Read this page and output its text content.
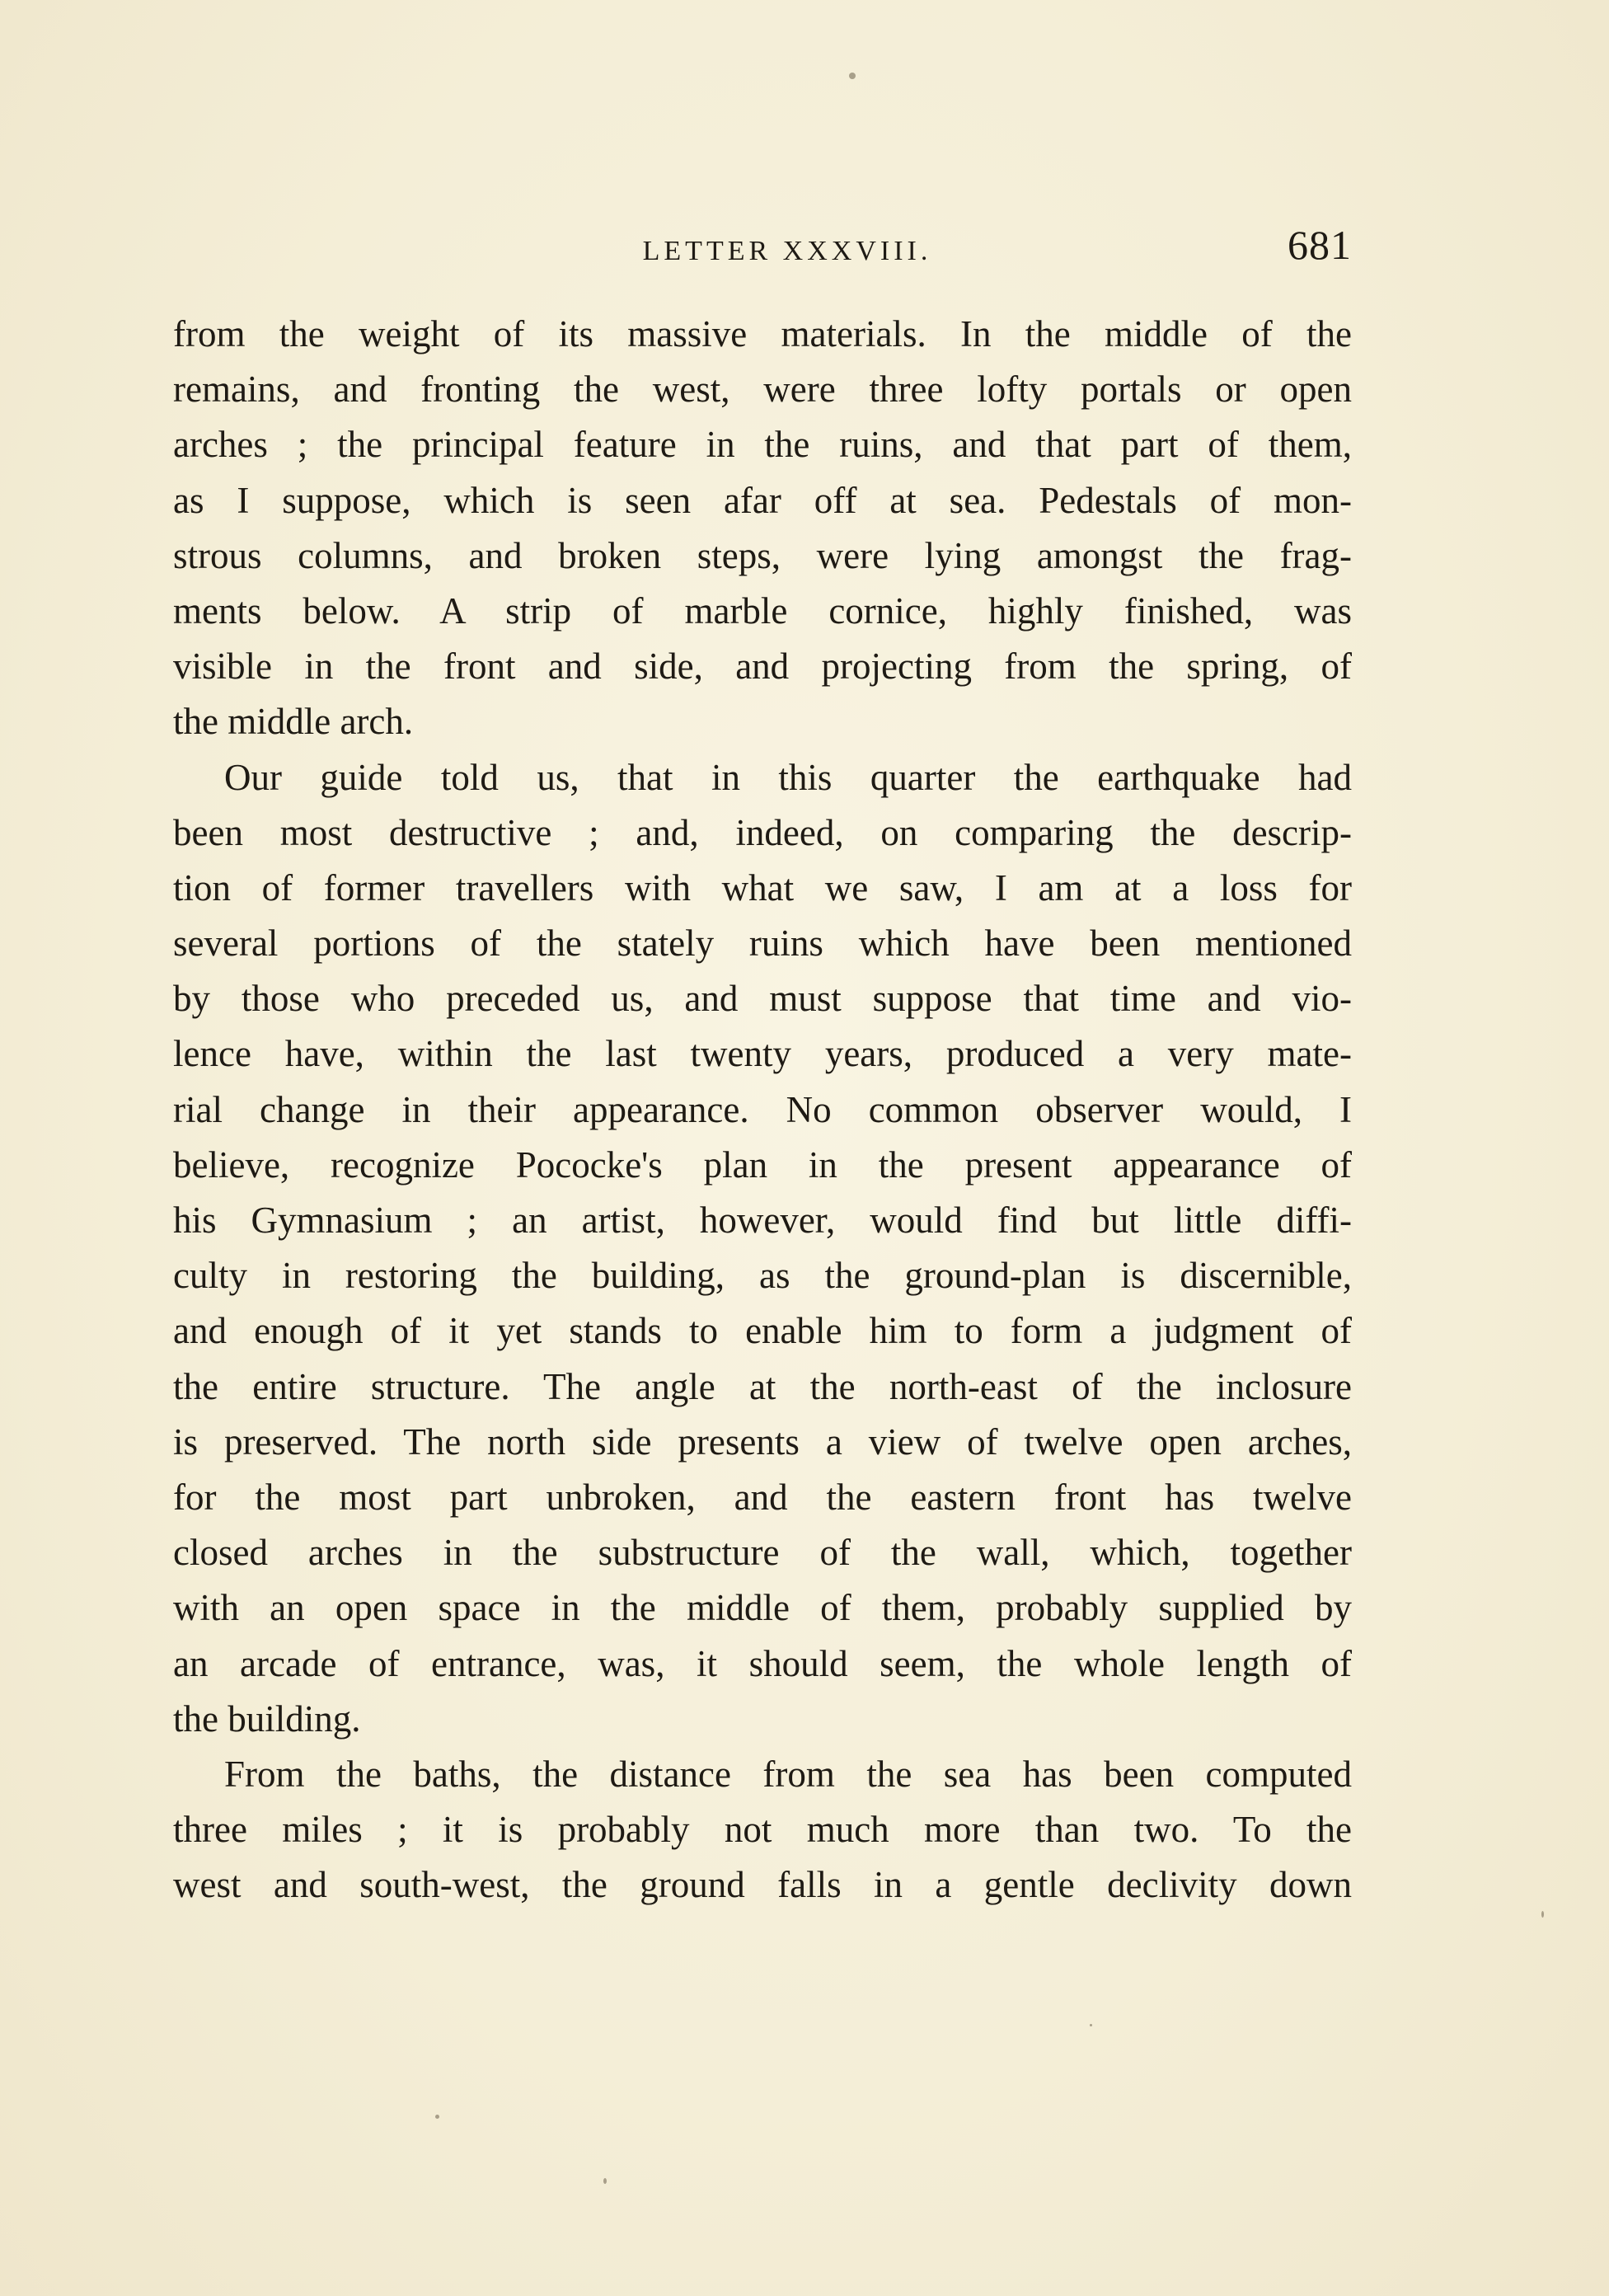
LETTER XXXVIII.	681
from the weight of its massive materials. In the middle of the
remains, and fronting the west, were three lofty portals or open
arches ; the principal feature in the ruins, and that part of them,
as I suppose, which is seen afar off at sea. Pedestals of mon-
strous columns, and broken steps, were lying amongst the frag-
ments below. A strip of marble cornice, highly finished, was
visible in the front and side, and projecting from the spring, of
the middle arch.
Our guide told us, that in this quarter the earthquake had
been most destructive ; and, indeed, on comparing the descrip-
tion of former travellers with what we saw, I am at a loss for
several portions of the stately ruins which have been mentioned
by those who preceded us, and must suppose that time and vio-
lence have, within the last twenty years, produced a very mate-
rial change in their appearance. No common observer would, I
believe, recognize Pococke's plan in the present appearance of
his Gymnasium ; an artist, however, would find but little diffi-
culty in restoring the building, as the ground-plan is discernible,
and enough of it yet stands to enable him to form a judgment of
the entire structure. The angle at the north-east of the inclosure
is preserved. The north side presents a view of twelve open arches,
for the most part unbroken, and the eastern front has twelve
closed arches in the substructure of the wall, which, together
with an open space in the middle of them, probably supplied by
an arcade of entrance, was, it should seem, the whole length of
the building.
From the baths, the distance from the sea has been computed
three miles ; it is probably not much more than two. To the
west and south-west, the ground falls in a gentle declivity down
